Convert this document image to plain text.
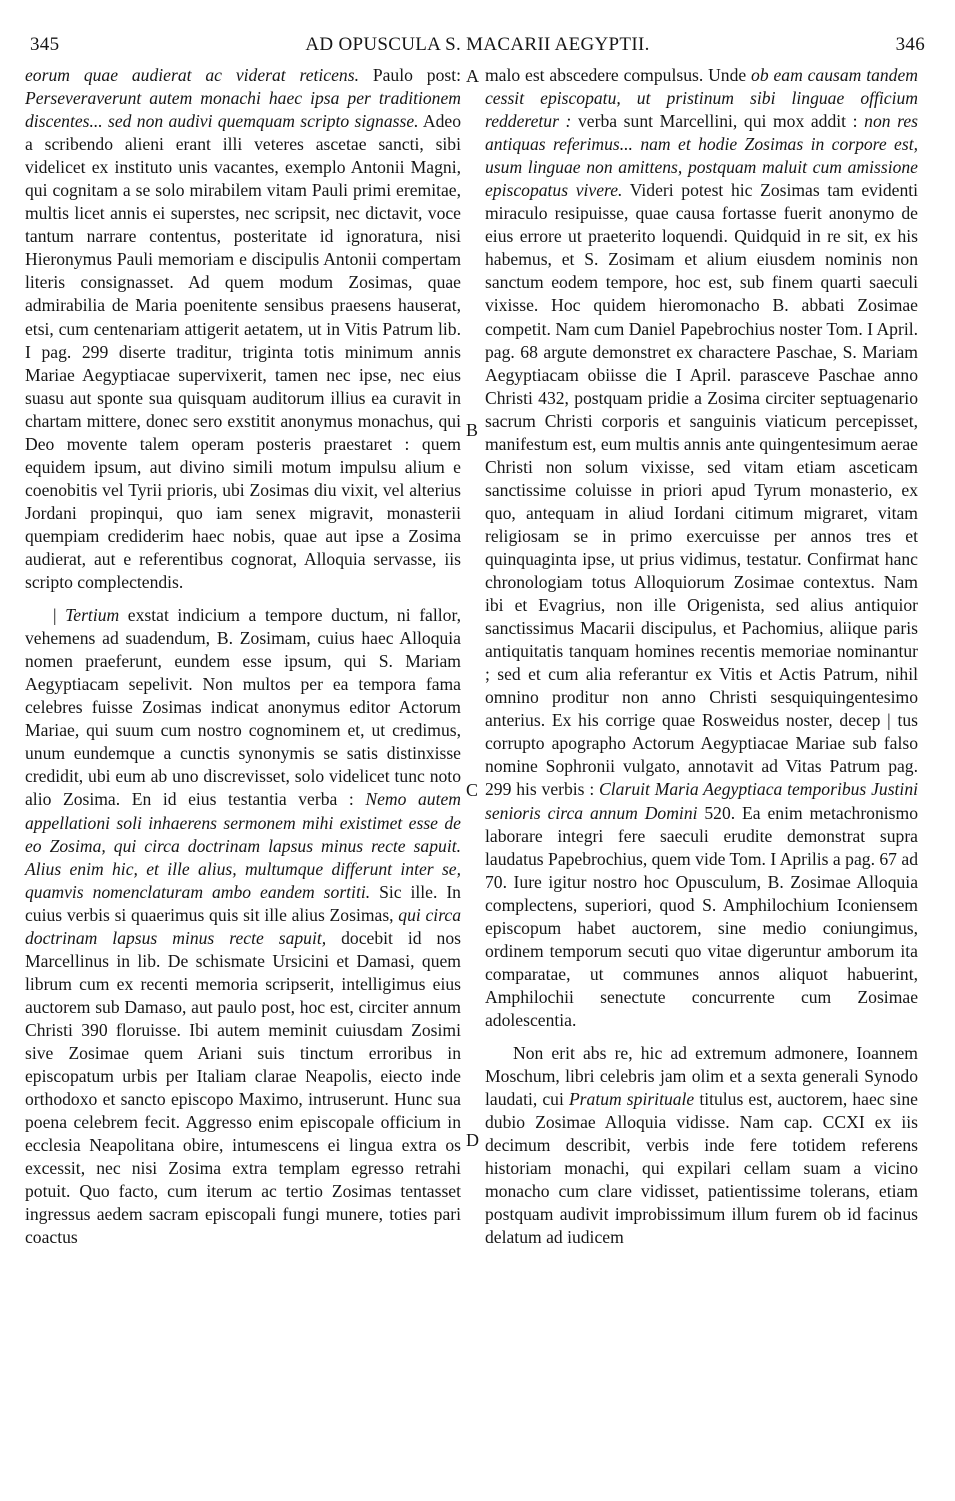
345	AD OPUSCULA S. MACARII AEGYPTII.	346

eorum quae audierat ac viderat reticens. Paulo post: Perseveraverunt autem monachi haec ipsa per traditionem discentes... sed non audivi quemquam scripto signasse. Adeo a scribendo alieni erant illi veteres ascetae sancti, sibi videlicet ex instituto unis vacantes, exemplo Antonii Magni, qui cognitam a se solo mirabilem vitam Pauli primi eremitae, multis licet annis ei superstes, nec scripsit, nec dictavit, voce tantum narrare contentus, posteritate id ignoratura, nisi Hieronymus Pauli memoriam e discipulis Antonii compertam literis consignasset. Ad quem modum Zosimas, quae admirabilia de Maria poenitente sensibus praesens hauserat, etsi, cum centenariam attigerit aetatem, ut in Vitis Patrum lib. I pag. 299 diserte traditur, triginta totis minimum annis Mariae Aegyptiacae supervixerit, tamen nec ipse, nec eius suasu aut sponte sua quisquam auditorum illius ea curavit in chartam mittere, donec sero exstitit anonymus monachus, qui Deo movente talem operam posteris praestaret : quem equidem ipsum, aut divino simili motum impulsu alium e coenobitis vel Tyrii prioris, ubi Zosimas diu vixit, vel alterius Jordani propinqui, quo iam senex migravit, monasterii quempiam crediderim haec nobis, quae aut ipse a Zosima audierat, aut e referentibus cognorat, Alloquia servasse, iis scripto complectendis.

| Tertium exstat indicium a tempore ductum, ni fallor, vehemens ad suadendum, B. Zosimam, cuius haec Alloquia nomen praeferunt, eundem esse ipsum, qui S. Mariam Aegyptiacam sepelivit. Non multos per ea tempora fama celebres fuisse Zosimas indicat anonymus editor Actorum Mariae, qui suum cum nostro cognominem et, ut credimus, unum eundemque a cunctis synonymis se satis distinxisse credidit, ubi eum ab uno discrevisset, solo videlicet tunc noto alio Zosima. En id eius testantia verba : Nemo autem appellationi soli inhaerens sermonem mihi existimet esse de eo Zosima, qui circa doctrinam lapsus minus recte sapuit. Alius enim hic, et ille alius, multumque differunt inter se, quamvis nomenclaturam ambo eandem sortiti. Sic ille. In cuius verbis si quaerimus quis sit ille alius Zosimas, qui circa doctrinam lapsus minus recte sapuit, docebit id nos Marcellinus in lib. De schismate Ursicini et Damasi, quem librum cum ex recenti memoria scripserit, intelligimus eius auctorem sub Damaso, aut paulo post, hoc est, circiter annum Christi 390 floruisse. Ibi autem meminit cuiusdam Zosimi sive Zosimae quem Ariani suis tinctum erroribus in episcopatum urbis per Italiam clarae Neapolis, eiecto inde orthodoxo et sancto episcopo Maximo, intruserunt. Hunc sua poena celebrem fecit. Aggresso enim episcopale officium in ecclesia Neapolitana obire, intumescens ei lingua extra os excessit, nec nisi Zosima extra templam egresso retrahi potuit. Quo facto, cum iterum ac tertio Zosimas tentasset ingressus aedem sacram episcopali fungi munere, toties pari coactus

malo est abscedere compulsus. Unde ob eam causam tandem cessit episcopatu, ut pristinum sibi linguae officium redderetur : verba sunt Marcellini, qui mox addit : non res antiquas referimus... nam et hodie Zosimas in corpore est, usum linguae non amittens, postquam maluit cum amissione episcopatus vivere. Videri potest hic Zosimas tam evidenti miraculo resipuisse, quae causa fortasse fuerit anonymo de eius errore ut praeterito loquendi. Quidquid in re sit, ex his habemus, et S. Zosimam et alium eiusdem nominis non sanctum eodem tempore, hoc est, sub finem quarti saeculi vixisse. Hoc quidem hieromonacho B. abbati Zosimae competit. Nam cum Daniel Papebrochius noster Tom. I April. pag. 68 argute demonstret ex charactere Paschae, S. Mariam Aegyptiacam obiisse die I April. parasceve Paschae anno Christi 432, postquam pridie a Zosima circiter septuagenario sacrum Christi corporis et sanguinis viaticum percepisset, manifestum est, eum multis annis ante quingentesimum aerae Christi non solum vixisse, sed vitam etiam asceticam sanctissime coluisse in priori apud Tyrum monasterio, ex quo, antequam in aliud Iordani citimum migraret, vitam religiosam se in primo exercuisse per annos tres et quinquaginta ipse, ut prius vidimus, testatur. Confirmat hanc chronologiam totus Alloquiorum Zosimae contextus. Nam ibi et Evagrius, non ille Origenista, sed alius antiquior sanctissimus Macarii discipulus, et Pachomius, aliique paris antiquitatis tanquam homines recentis memoriae nominantur ; sed et cum alia referantur ex Vitis et Actis Patrum, nihil omnino proditur non anno Christi sesquiquingentesimo anterius. Ex his corrige quae Rosweidus noster, decep | tus corrupto apographo Actorum Aegyptiacae Mariae sub falso nomine Sophronii vulgato, annotavit ad Vitas Patrum pag. 299 his verbis : Claruit Maria Aegyptiaca temporibus Justini senioris circa annum Domini 520. Ea enim metachronismo laborare integri fere saeculi erudite demonstrat supra laudatus Papebrochius, quem vide Tom. I Aprilis a pag. 67 ad 70. Iure igitur nostro hoc Opusculum, B. Zosimae Alloquia complectens, superiori, quod S. Amphilochium Iconiensem episcopum habet auctorem, sine medio coniungimus, ordinem temporum secuti quo vitae digeruntur amborum ita comparatae, ut communes annos aliquot habuerint, Amphilochii senectute concurrente cum Zosimae adolescentia.

Non erit abs re, hic ad extremum admonere, Ioannem Moschum, libri celebris jam olim et a sexta generali Synodo laudati, cui Pratum spirituale titulus est, auctorem, haec sine dubio Zosimae Alloquia vidisse. Nam cap. CCXI ex iis decimum describit, verbis inde fere totidem referens historiam monachi, qui expilari cellam suam a vicino monacho cum clare vidisset, patientissime tolerans, etiam postquam audivit improbissimum illum furem ob id facinus delatum ad iudicem

A
B
C
D
